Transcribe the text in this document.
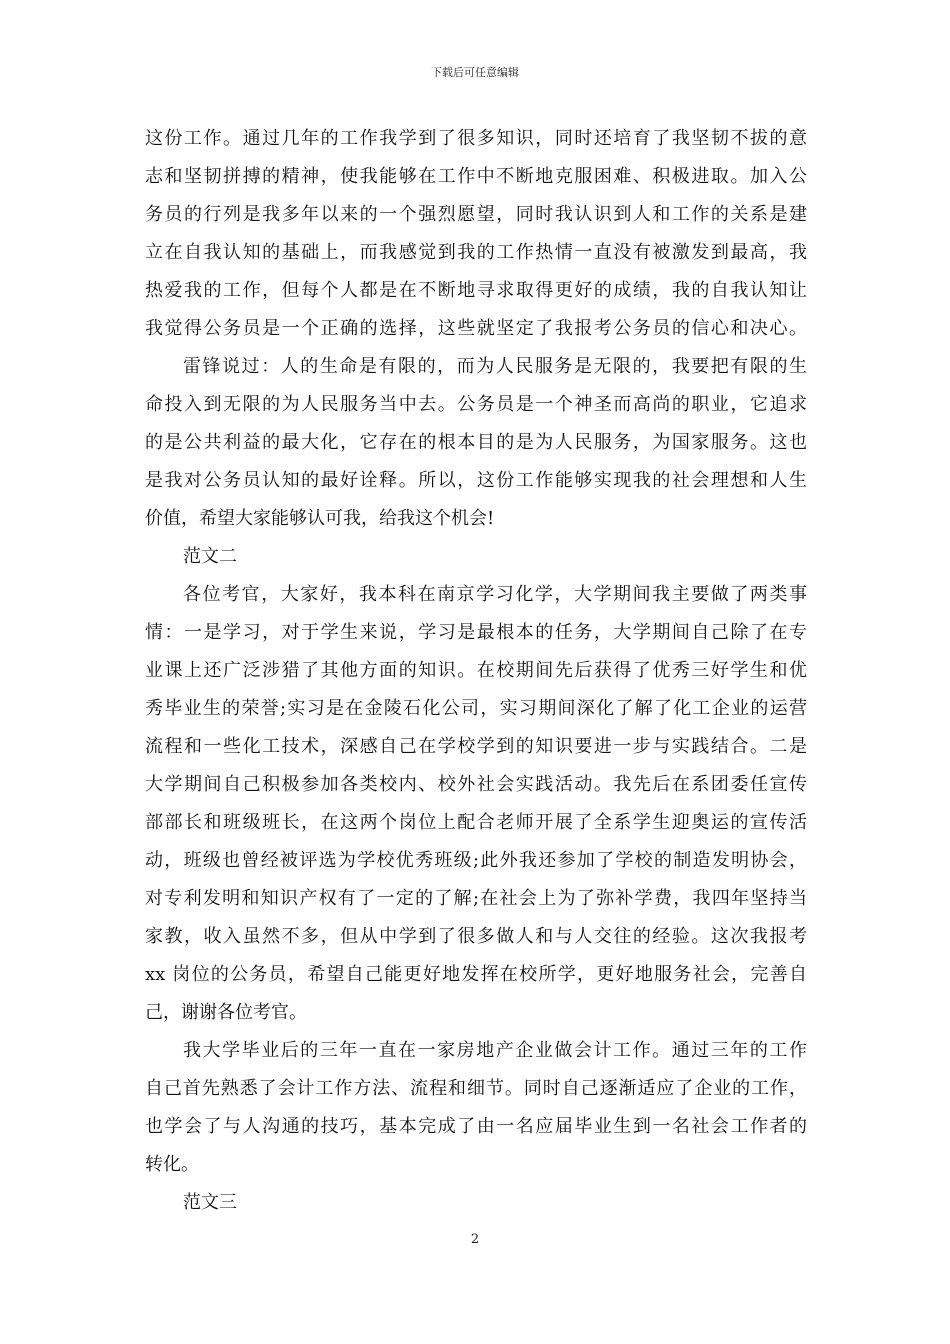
下载后可任意编辑
这份工作。通过几年的工作我学到了很多知识，同时还培育了我坚韧不拔的意
志和坚韧拼搏的精神，使我能够在工作中不断地克服困难、积极进取。加入公
务员的行列是我多年以来的一个强烈愿望，同时我认识到人和工作的关系是建
立在自我认知的基础上，而我感觉到我的工作热情一直没有被激发到最高，我
热爱我的工作，但每个人都是在不断地寻求取得更好的成绩，我的自我认知让
我觉得公务员是一个正确的选择，这些就坚定了我报考公务员的信心和决心。
雷锋说过：人的生命是有限的，而为人民服务是无限的，我要把有限的生
命投入到无限的为人民服务当中去。公务员是一个神圣而高尚的职业，它追求
的是公共利益的最大化，它存在的根本目的是为人民服务，为国家服务。这也
是我对公务员认知的最好诠释。所以，这份工作能够实现我的社会理想和人生
价值，希望大家能够认可我，给我这个机会!
范文二
各位考官，大家好，我本科在南京学习化学，大学期间我主要做了两类事
情：一是学习，对于学生来说，学习是最根本的任务，大学期间自己除了在专
业课上还广泛涉猎了其他方面的知识。在校期间先后获得了优秀三好学生和优
秀毕业生的荣誉;实习是在金陵石化公司，实习期间深化了解了化工企业的运营
流程和一些化工技术，深感自己在学校学到的知识要进一步与实践结合。二是
大学期间自己积极参加各类校内、校外社会实践活动。我先后在系团委任宣传
部部长和班级班长，在这两个岗位上配合老师开展了全系学生迎奥运的宣传活
动，班级也曾经被评选为学校优秀班级;此外我还参加了学校的制造发明协会，
对专利发明和知识产权有了一定的了解;在社会上为了弥补学费，我四年坚持当
家教，收入虽然不多，但从中学到了很多做人和与人交往的经验。这次我报考
xx 岗位的公务员，希望自己能更好地发挥在校所学，更好地服务社会，完善自
己，谢谢各位考官。
我大学毕业后的三年一直在一家房地产企业做会计工作。通过三年的工作
自己首先熟悉了会计工作方法、流程和细节。同时自己逐渐适应了企业的工作，
也学会了与人沟通的技巧，基本完成了由一名应届毕业生到一名社会工作者的
转化。
范文三
2
